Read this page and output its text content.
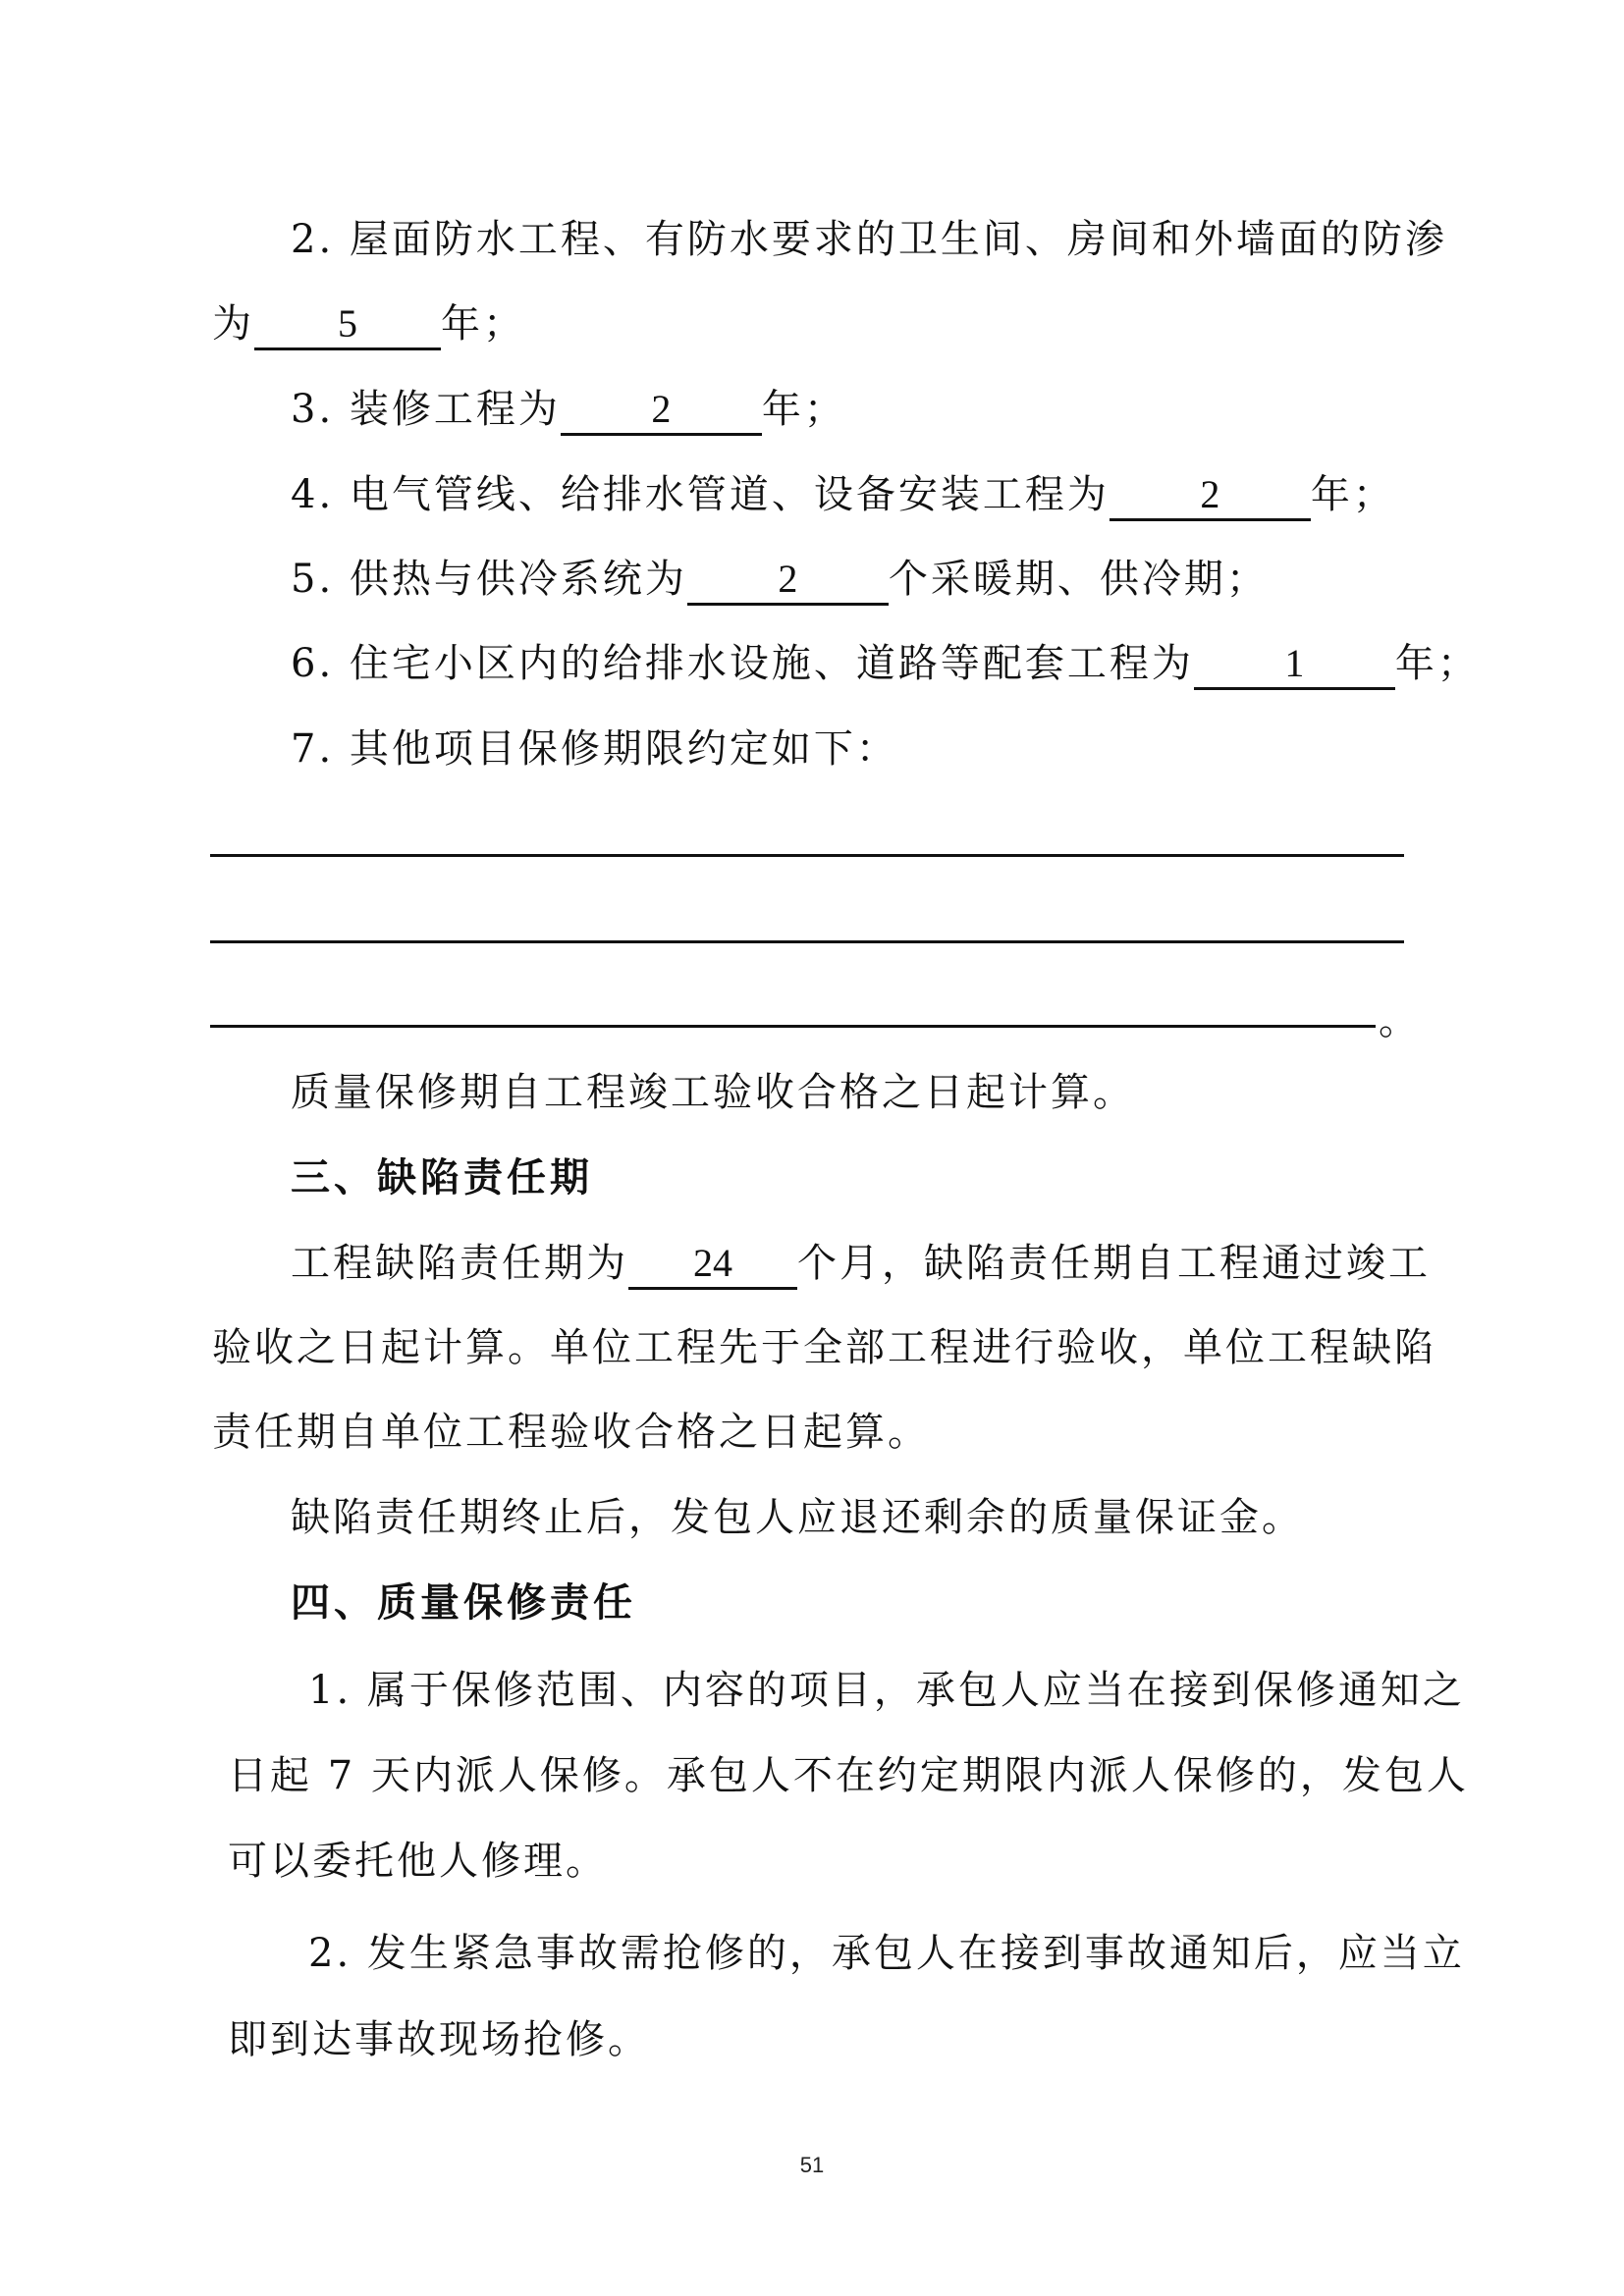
2. 屋面防水工程、有防水要求的卫生间、房间和外墙面的防渗
为 5 年；
3. 装修工程为 2 年；
4. 电气管线、给排水管道、设备安装工程为 2 年；
5. 供热与供冷系统为 2 个采暖期、供冷期；
6. 住宅小区内的给排水设施、道路等配套工程为 1 年；
7. 其他项目保修期限约定如下：
。
质量保修期自工程竣工验收合格之日起计算。
三、缺陷责任期
工程缺陷责任期为 24 个月，缺陷责任期自工程通过竣工
验收之日起计算。单位工程先于全部工程进行验收，单位工程缺陷
责任期自单位工程验收合格之日起算。
缺陷责任期终止后，发包人应退还剩余的质量保证金。
四、质量保修责任
1. 属于保修范围、内容的项目，承包人应当在接到保修通知之
日起 7 天内派人保修。承包人不在约定期限内派人保修的，发包人
可以委托他人修理。
2. 发生紧急事故需抢修的，承包人在接到事故通知后，应当立
即到达事故现场抢修。
51
